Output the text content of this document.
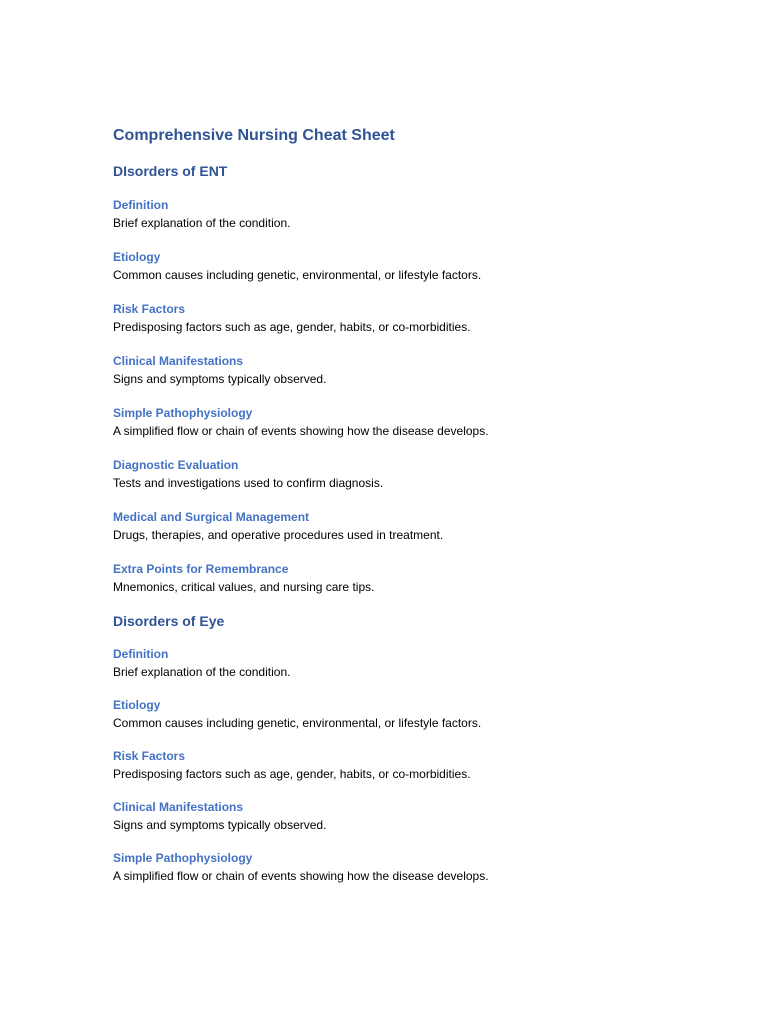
Comprehensive Nursing Cheat Sheet
DIsorders of ENT
Definition

Brief explanation of the condition.

Etiology

Common causes including genetic, environmental, or lifestyle factors.

Risk Factors

Predisposing factors such as age, gender, habits, or co-morbidities.

Clinical Manifestations

Signs and symptoms typically observed.

Simple Pathophysiology

A simplified flow or chain of events showing how the disease develops.

Diagnostic Evaluation

Tests and investigations used to confirm diagnosis.

Medical and Surgical Management

Drugs, therapies, and operative procedures used in treatment.

Extra Points for Remembrance

Mnemonics, critical values, and nursing care tips.

Disorders of Eye
Definition

Brief explanation of the condition.

Etiology

Common causes including genetic, environmental, or lifestyle factors.

Risk Factors

Predisposing factors such as age, gender, habits, or co-morbidities.

Clinical Manifestations

Signs and symptoms typically observed.

Simple Pathophysiology

A simplified flow or chain of events showing how the disease develops.
